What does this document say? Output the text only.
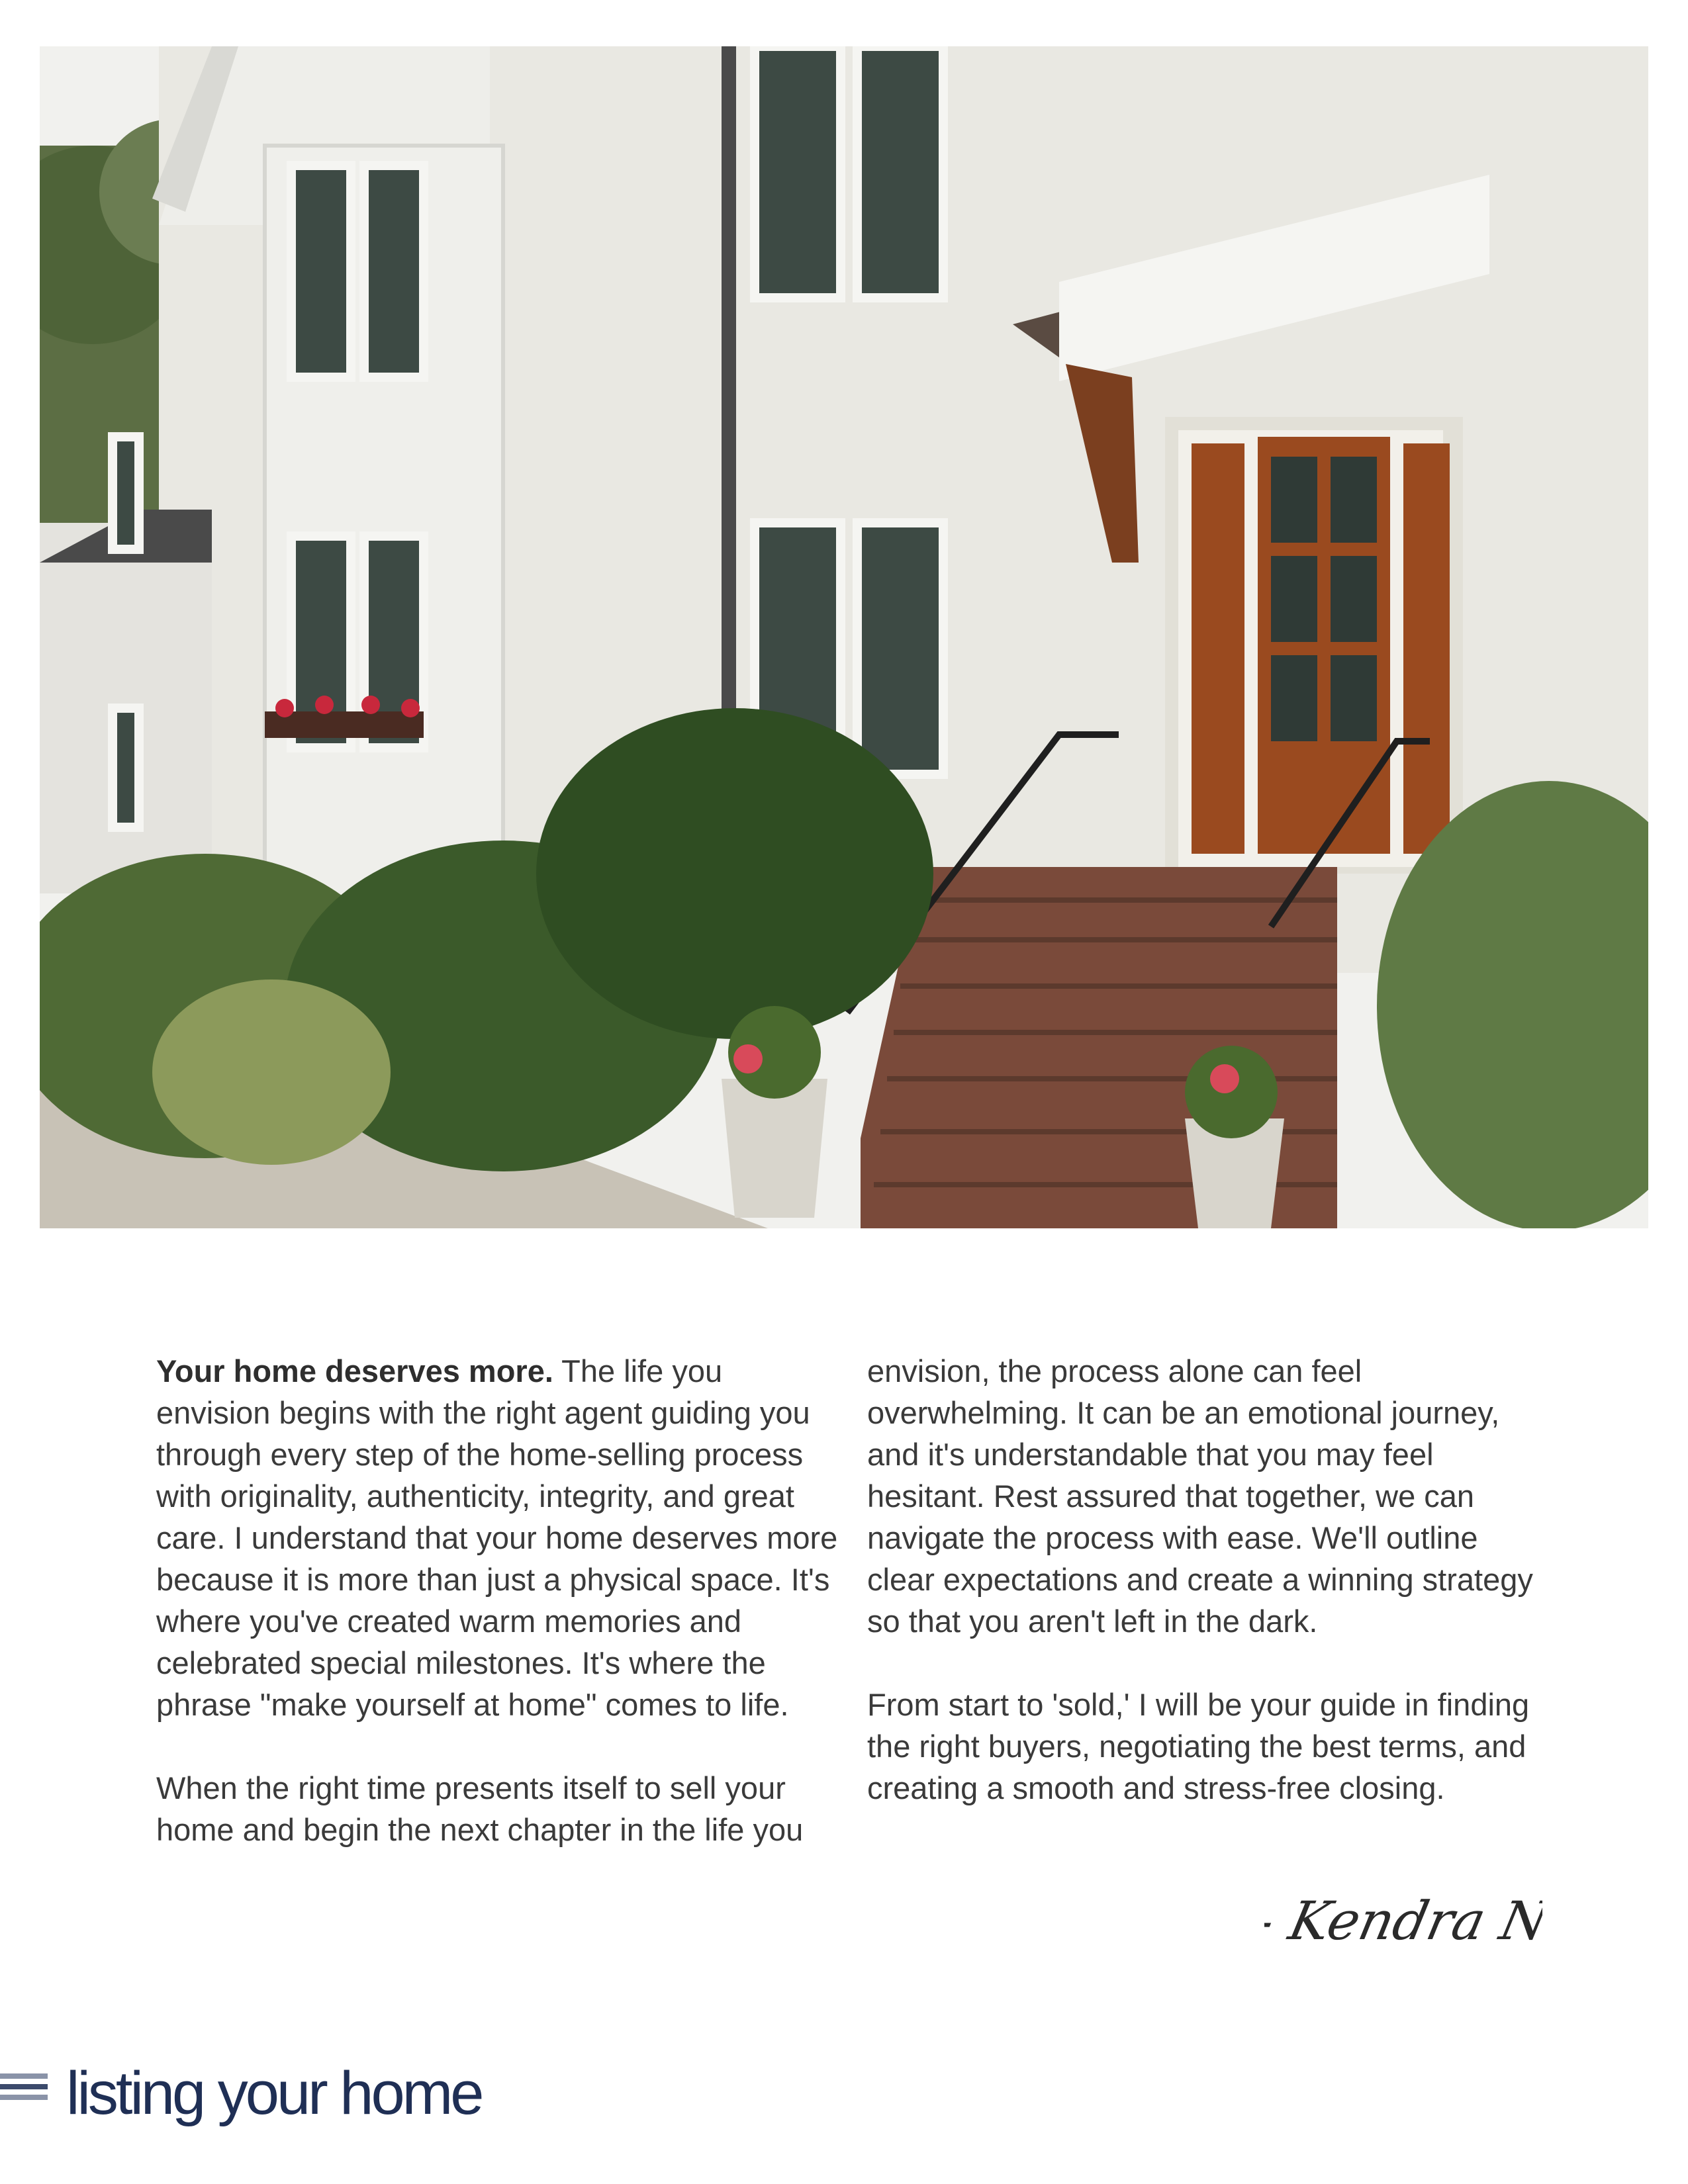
Your home deserves more. The life you envision begins with the right agent guiding you through every step of the home-selling process with originality, authenticity, integrity, and great care. I understand that your home deserves more because it is more than just a physical space. It's where you've created warm memories and celebrated special milestones. It's where the phrase "make yourself at home" comes to life.

When the right time presents itself to sell your home and begin the next chapter in the life you

envision, the process alone can feel overwhelming. It can be an emotional journey, and it's understandable that you may feel hesitant. Rest assured that together, we can navigate the process with ease. We'll outline clear expectations and create a winning strategy so that you aren't left in the dark.

From start to 'sold,' I will be your guide in finding the right buyers, negotiating the best terms, and creating a smooth and stress-free closing.

- Kendra Nitz
listing your home
